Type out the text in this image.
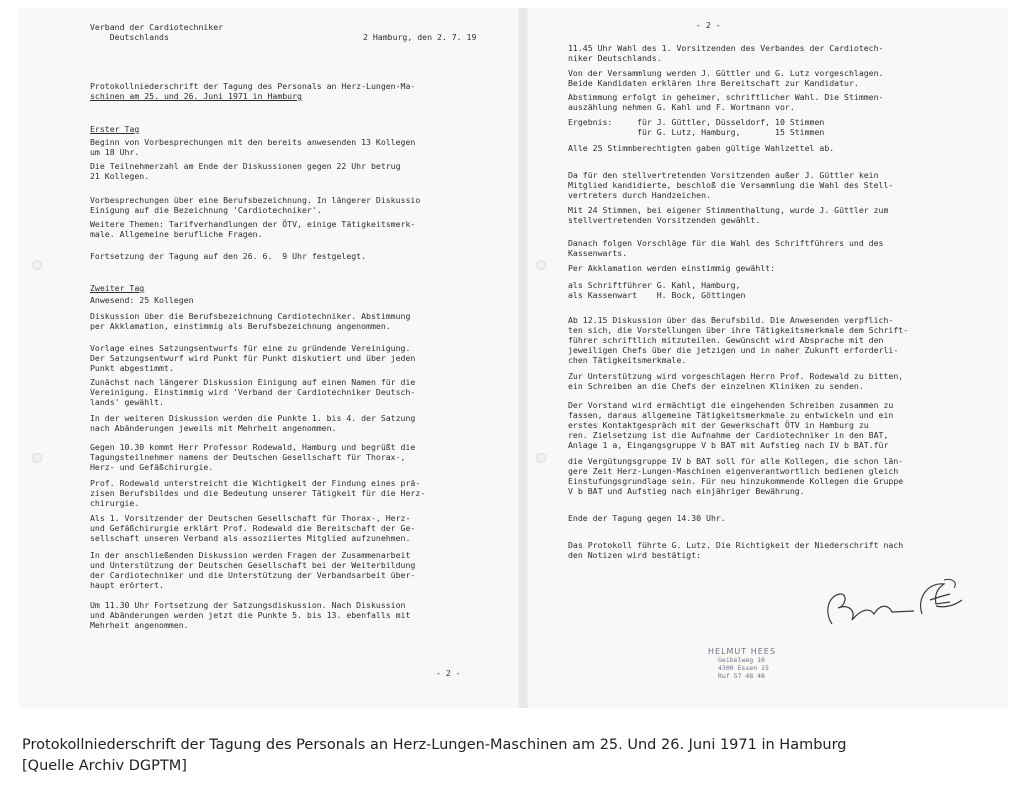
Verband der Cardiotechniker
Deutschlands	2 Hamburg, den 2. 7. 19
Protokollniederschrift der Tagung des Personals an Herz-Lungen-Ma-
schinen am 25. und 26. Juni 1971 in Hamburg
Erster Tag
Beginn von Vorbesprechungen mit den bereits anwesenden 13 Kollegen
um 18 Uhr.
Die Teilnehmerzahl am Ende der Diskussionen gegen 22 Uhr betrug
21 Kollegen.
Vorbesprechungen über eine Berufsbezeichnung. In längerer Diskussio
Einigung auf die Bezeichnung 'Cardiotechniker'.
Weitere Themen: Tarifverhandlungen der ÖTV, einige Tätigkeitsmerk-
male. Allgemeine berufliche Fragen.
Fortsetzung der Tagung auf den 26. 6.  9 Uhr festgelegt.
Zweiter Tag
Anwesend: 25 Kollegen
Diskussion über die Berufsbezeichnung Cardiotechniker. Abstimmung
per Akklamation, einstimmig als Berufsbezeichnung angenommen.
Vorlage eines Satzungsentwurfs für eine zu gründende Vereinigung.
Der Satzungsentwurf wird Punkt für Punkt diskutiert und über jeden
Punkt abgestimmt.
Zunächst nach längerer Diskussion Einigung auf einen Namen für die
Vereinigung. Einstimmig wird 'Verband der Cardiotechniker Deutsch-
lands' gewählt.
In der weiteren Diskussion werden die Punkte 1. bis 4. der Satzung
nach Abänderungen jeweils mit Mehrheit angenommen.
Gegen 10.30 kommt Herr Professor Rodewald, Hamburg und begrüßt die
Tagungsteilnehmer namens der Deutschen Gesellschaft für Thorax-,
Herz- und Gefäßchirurgie.
Prof. Rodewald unterstreicht die Wichtigkeit der Findung eines prä-
zisen Berufsbildes und die Bedeutung unserer Tätigkeit für die Herz-
chirurgie.
Als 1. Vorsitzender der Deutschen Gesellschaft für Thorax-, Herz-
und Gefäßchirurgie erklärt Prof. Rodewald die Bereitschaft der Ge-
sellschaft unseren Verband als assoziiertes Mitglied aufzunehmen.
In der anschließenden Diskussion werden Fragen der Zusammenarbeit
und Unterstützung der Deutschen Gesellschaft bei der Weiterbildung
der Cardiotechniker und die Unterstützung der Verbandsarbeit über-
haupt erörtert.
Um 11.30 Uhr Fortsetzung der Satzungsdiskussion. Nach Diskussion
und Abänderungen werden jetzt die Punkte 5. bis 13. ebenfalls mit
Mehrheit angenommen.
- 2 -
- 2 -
11.45 Uhr Wahl des 1. Vorsitzenden des Verbandes der Cardiotech-
niker Deutschlands.
Von der Versammlung werden J. Güttler und G. Lutz vorgeschlagen.
Beide Kandidaten erklären ihre Bereitschaft zur Kandidatur.
Abstimmung erfolgt in geheimer, schriftlicher Wahl. Die Stimmen-
auszählung nehmen G. Kahl und F. Wortmann vor.
Ergebnis:     für J. Güttler, Düsseldorf, 10 Stimmen
für G. Lutz, Hamburg,       15 Stimmen
Alle 25 Stimmberechtigten gaben gültige Wahlzettel ab.
Da für den stellvertretenden Vorsitzenden außer J. Güttler kein
Mitglied kandidierte, beschloß die Versammlung die Wahl des Stell-
vertreters durch Handzeichen.
Mit 24 Stimmen, bei eigener Stimmenthaltung, wurde J. Güttler zum
stellvertretenden Vorsitzenden gewählt.
Danach folgen Vorschläge für die Wahl des Schriftführers und des
Kassenwarts.
Per Akklamation werden einstimmig gewählt:
als Schriftführer G. Kahl, Hamburg,
als Kassenwart    H. Bock, Göttingen
Ab 12.15 Diskussion über das Berufsbild. Die Anwesenden verpflich-
ten sich, die Vorstellungen über ihre Tätigkeitsmerkmale dem Schrift-
führer schriftlich mitzuteilen. Gewünscht wird Absprache mit den
jeweiligen Chefs über die jetzigen und in naher Zukunft erforderli-
chen Tätigkeitsmerkmale.
Zur Unterstützung wird vorgeschlagen Herrn Prof. Rodewald zu bitten,
ein Schreiben an die Chefs der einzelnen Kliniken zu senden.
Der Vorstand wird ermächtigt die eingehenden Schreiben zusammen zu
fassen, daraus allgemeine Tätigkeitsmerkmale zu entwickeln und ein
erstes Kontaktgespräch mit der Gewerkschaft ÖTV in Hamburg zu
ren. Zielsetzung ist die Aufnahme der Cardiotechniker in den BAT,
Anlage 1 a, Eingangsgruppe V b BAT mit Aufstieg nach IV b BAT.für
die Vergütungsgruppe IV b BAT soll für alle Kollegen, die schon län-
gere Zeit Herz-Lungen-Maschinen eigenverantwortlich bedienen gleich
Einstufungsgrundlage sein. Für neu hinzukommende Kollegen die Gruppe
V b BAT und Aufstieg nach einjähriger Bewährung.
Ende der Tagung gegen 14.30 Uhr.
Das Protokoll führte G. Lutz. Die Richtigkeit der Niederschrift nach
den Notizen wird bestätigt:
HELMUT HEES
Geibelweg 10
4300 Essen 15
Ruf 57 48 48
Protokollniederschrift der Tagung des Personals an Herz-Lungen-Maschinen am 25. Und 26. Juni 1971 in Hamburg
[Quelle Archiv DGPTM]
